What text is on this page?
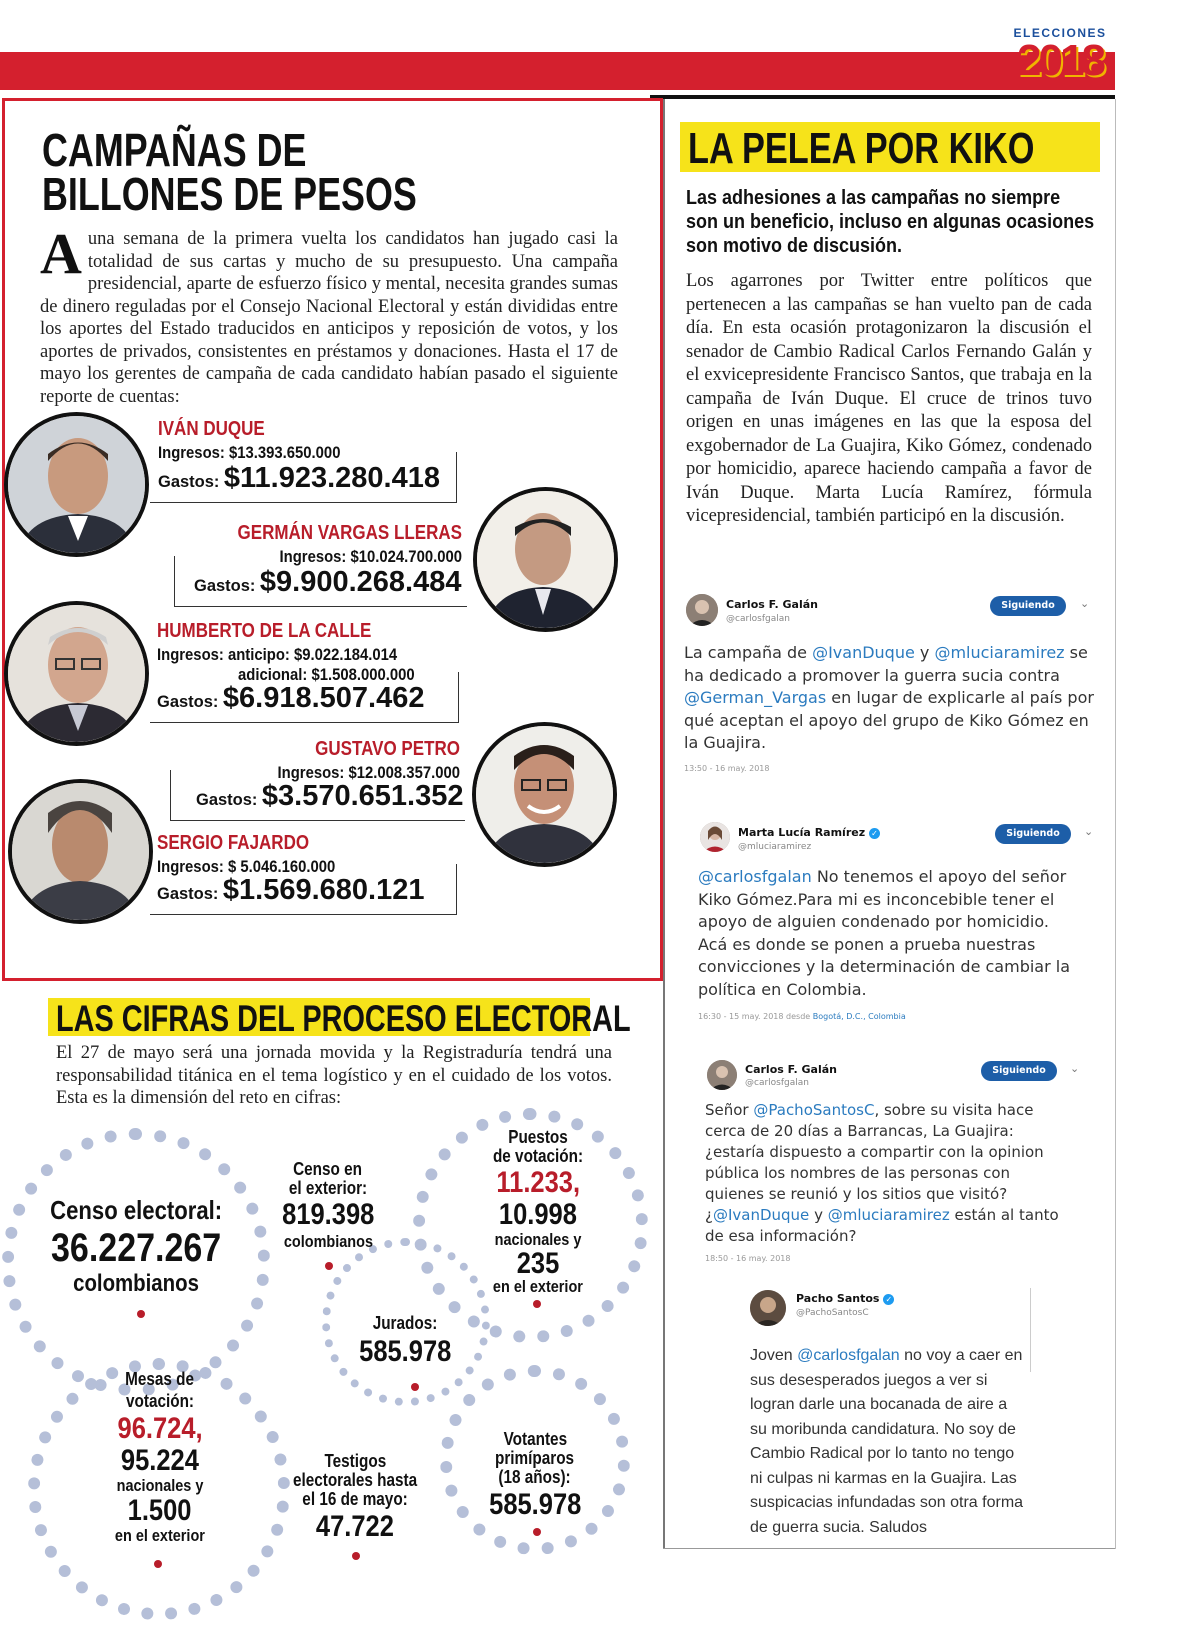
ELECCIONES
2018
CAMPAÑAS DE
BILLONES DE PESOS
A una semana de la primera vuelta los candidatos han jugado casi la totalidad de sus cartas y mucho de su presupuesto. Una campaña presidencial, aparte de esfuerzo físico y mental, necesita grandes sumas de dinero reguladas por el Consejo Nacional Electoral y están divididas entre los aportes del Estado traducidos en anticipos y reposición de votos, y los aportes de privados, consistentes en préstamos y donaciones. Hasta el 17 de mayo los gerentes de campaña de cada candidato habían pasado el siguiente reporte de cuentas:
IVÁN DUQUE
Ingresos: $13.393.650.000
Gastos: $11.923.280.418
GERMÁN VARGAS LLERAS
Ingresos: $10.024.700.000
Gastos: $9.900.268.484
HUMBERTO DE LA CALLE
Ingresos: anticipo: $9.022.184.014
adicional: $1.508.000.000
Gastos: $6.918.507.462
GUSTAVO PETRO
Ingresos: $12.008.357.000
Gastos: $3.570.651.352
SERGIO FAJARDO
Ingresos: $ 5.046.160.000
Gastos: $1.569.680.121
LA PELEA POR KIKO
Las adhesiones a las campañas no siempre son un beneficio, incluso en algunas ocasiones son motivo de discusión.
Los agarrones por Twitter entre políticos que pertenecen a las campañas se han vuelto pan de cada día. En esta ocasión protagonizaron la discusión el senador de Cambio Radical Carlos Fernando Galán y el exvicepresidente Francisco Santos, que trabaja en la campaña de Iván Duque. El cruce de trinos tuvo origen en unas imágenes en las que la esposa del exgobernador de La Guajira, Kiko Gómez, condenado por homicidio, aparece haciendo campaña a favor de Iván Duque. Marta Lucía Ramírez, fórmula vicepresidencial, también participó en la discusión.
Carlos F. Galán
@carlosfgalan
Siguiendo	⌄
La campaña de @IvanDuque y @mluciaramirez se ha dedicado a promover la guerra sucia contra @German_Vargas en lugar de explicarle al país por qué aceptan el apoyo del grupo de Kiko Gómez en la Guajira.
13:50 - 16 may. 2018
Marta Lucía Ramírez ✓
@mluciaramirez
Siguiendo	⌄
@carlosfgalan No tenemos el apoyo del señor Kiko Gómez.Para mi es inconcebible tener el apoyo de alguien condenado por homicidio. Acá es donde se ponen a prueba nuestras convicciones y la determinación de cambiar la política en Colombia.
16:30 - 15 may. 2018 desde Bogotá, D.C., Colombia
Carlos F. Galán
@carlosfgalan
Siguiendo	⌄
Señor @PachoSantosC, sobre su visita hace cerca de 20 días a Barrancas, La Guajira: ¿estaría dispuesto a compartir con la opinion pública los nombres de las personas con quienes se reunió y los sitios que visitó? ¿@IvanDuque y @mluciaramirez están al tanto de esa información?
18:50 - 16 may. 2018
Pacho Santos ✓
@PachoSantosC
Joven @carlosfgalan no voy a caer en sus desesperados juegos a ver si logran darle una bocanada de aire a su moribunda candidatura. No soy de Cambio Radical por lo tanto no tengo ni culpas ni karmas en la Guajira. Las suspicacias infundadas son otra forma de guerra sucia. Saludos
LAS CIFRAS DEL PROCESO ELECTORAL
El 27 de mayo será una jornada movida y la Registraduría tendrá una responsabilidad titánica en el tema logístico y en el cuidado de los votos. Esta es la dimensión del reto en cifras:
Censo electoral:
36.227.267
colombianos
Censo en
el exterior:
819.398
colombianos
Puestos
de votación:
11.233,
10.998
nacionales y
235
en el exterior
Jurados:
585.978
Mesas de
votación:
96.724,
95.224
nacionales y
1.500
en el exterior
Testigos
electorales hasta
el 16 de mayo:
47.722
Votantes
primíparos
(18 años):
585.978
